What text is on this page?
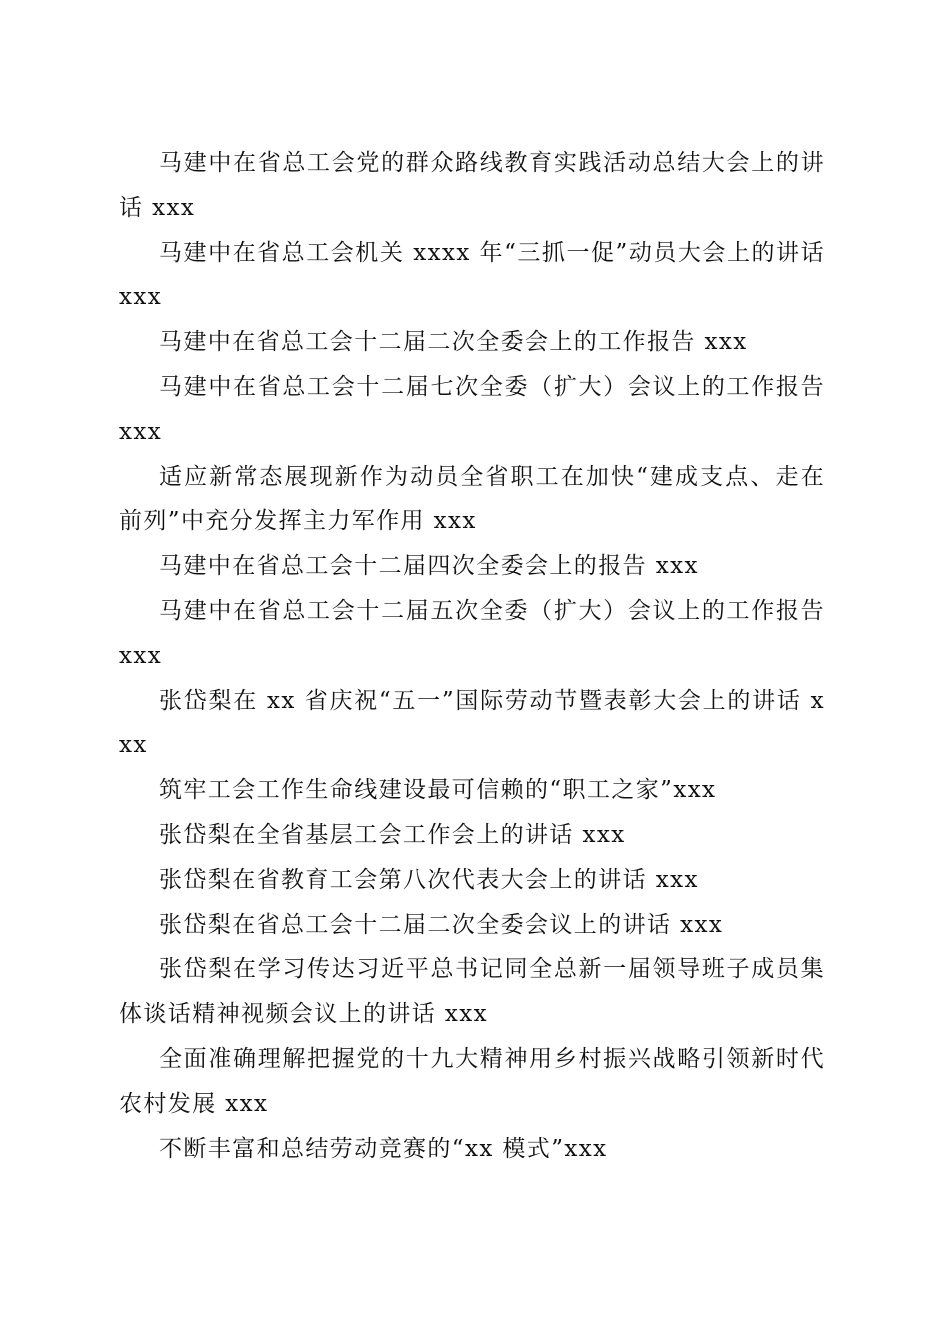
马建中在省总工会党的群众路线教育实践活动总结大会上的讲话 xxx

马建中在省总工会机关 xxxx 年“三抓一促”动员大会上的讲话 xxx

马建中在省总工会十二届二次全委会上的工作报告 xxx

马建中在省总工会十二届七次全委（扩大）会议上的工作报告 xxx

适应新常态展现新作为动员全省职工在加快“建成支点、走在前列”中充分发挥主力军作用 xxx

马建中在省总工会十二届四次全委会上的报告 xxx

马建中在省总工会十二届五次全委（扩大）会议上的工作报告 xxx

张岱梨在 xx 省庆祝“五一”国际劳动节暨表彰大会上的讲话 xxx

筑牢工会工作生命线建设最可信赖的“职工之家”xxx

张岱梨在全省基层工会工作会上的讲话 xxx

张岱梨在省教育工会第八次代表大会上的讲话 xxx

张岱梨在省总工会十二届二次全委会议上的讲话 xxx

张岱梨在学习传达习近平总书记同全总新一届领导班子成员集体谈话精神视频会议上的讲话 xxx

全面准确理解把握党的十九大精神用乡村振兴战略引领新时代农村发展 xxx

不断丰富和总结劳动竞赛的“xx 模式”xxx
